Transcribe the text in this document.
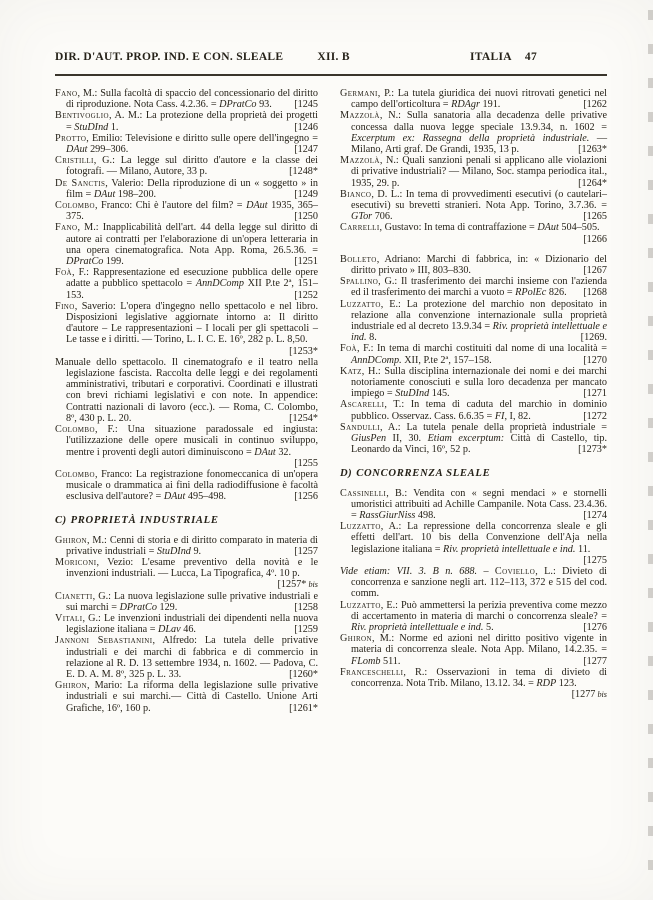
DIR. D'AUT. PROP. IND. E CON. SLEALE	XII. B	ITALIA 47

Fano, M.: Sulla facoltà di spaccio del concessionario del diritto di riproduzione. Nota Cass. 4.2.36. = DPratCo 93.	[1245

Bentivoglio, A. M.: La protezione della proprietà dei progetti = StuDInd 1.	[1246

Protto, Emilio: Televisione e diritto sulle opere dell'ingegno = DAut 299–306.	[1247

Cristilli, G.: La legge sul diritto d'autore e la classe dei fotografi. — Milano, Autore, 33 p.	[1248*

De Sanctis, Valerio: Della riproduzione di un « soggetto » in film = DAut 198–200.	[1249

Colombo, Franco: Chi è l'autore del film? = DAut 1935, 365–375.	[1250

Fano, M.: Inapplicabilità dell'art. 44 della legge sul diritto di autore ai contratti per l'elaborazione di un'opera letteraria in una opera cinematografica. Nota App. Roma, 26.5.36. = DPratCo 199.	[1251

Foà, F.: Rappresentazione ed esecuzione pubblica delle opere adatte a pubblico spettacolo = AnnDComp XII P.te 2ª, 151–153.	[1252

Fino, Saverio: L'opera d'ingegno nello spettacolo e nel libro. Disposizioni legislative aggiornate intorno a: Il diritto d'autore – Le rappresentazioni – I locali per gli spettacoli – Le tasse e i diritti. — Torino, L. I. C. E. 16º, 282 p. L. 8,50.
[1253*

Manuale dello spettacolo. Il cinematografo e il teatro nella legislazione fascista. Raccolta delle leggi e dei regolamenti amministrativi, tributari e corporativi. Coordinati e illustrati con brevi richiami legislativi e con note. In appendice: Contratti nazionali di lavoro (ecc.). — Roma, C. Colombo, 8º, 430 p. L. 20.	[1254*

Colombo, F.: Una situazione paradossale ed ingiusta: l'utilizzazione delle opere musicali in continuo sviluppo, mentre i proventi degli autori diminuiscono = DAut 32.
[1255

Colombo, Franco: La registrazione fonomeccanica di un'opera musicale o drammatica ai fini della radiodiffusione è facoltà esclusiva dell'autore? = DAut 495–498.	[1256

C) PROPRIETÀ INDUSTRIALE

Ghiron, M.: Cenni di storia e di diritto comparato in materia di privative industriali = StuDInd 9.	[1257

Moriconi, Vezio: L'esame preventivo della novità e le invenzioni industriali. — Lucca, La Tipografica, 4º. 10 p.
[1257* bis

Cianetti, G.: La nuova legislazione sulle privative industriali e sui marchi = DPratCo 129.	[1258

Vitali, G.: Le invenzioni industriali dei dipendenti nella nuova legislazione italiana = DLav 46.	[1259

Jannoni Sebastianini, Alfredo: La tutela delle privative industriali e dei marchi di fabbrica e di commercio in relazione al R. D. 13 settembre 1934, n. 1602. — Padova, C. E. D. A. M. 8º, 325 p. L. 33.	[1260*

Ghiron, Mario: La riforma della legislazione sulle privative industriali e sui marchi.— Città di Castello. Unione Arti Grafiche, 16º, 160 p.	[1261*

Germani, P.: La tutela giuridica dei nuovi ritrovati genetici nel campo dell'orticoltura = RDAgr 191.	[1262

Mazzolà, N.: Sulla sanatoria alla decadenza delle privative concessa dalla nuova legge speciale 13.9.34, n. 1602 = Excerptum ex: Rassegna della proprietà industriale. — Milano, Arti graf. De Grandi, 1935, 13 p.	[1263*

Mazzolà, N.: Quali sanzioni penali si applicano alle violazioni di privative industriali? — Milano, Soc. stampa periodica ital., 1935, 29. p.	[1264*

Bianco, D. L.: In tema di provvedimenti esecutivi (o cautelari–esecutivi) su brevetti stranieri. Nota App. Torino, 3.7.36. = GTor 706.	[1265

Carrelli, Gustavo: In tema di contraffazione = DAut 504–505.
[1266

Bolleto, Adriano: Marchi di fabbrica, in: « Dizionario del diritto privato » III, 803–830.	[1267

Spallino, G.: Il trasferimento dei marchi insieme con l'azienda ed il trasferimento dei marchi a vuoto = RPolEc 826.	[1268

Luzzatto, E.: La protezione del marchio non depositato in relazione alla convenzione internazionale sulla proprietà industriale ed al decreto 13.9.34 = Riv. proprietà intellettuale e ind. 8.	[1269.

Foà, F.: In tema di marchi costituiti dal nome di una località = AnnDComp. XII, P.te 2ª, 157–158.	[1270

Katz, H.: Sulla disciplina internazionale dei nomi e dei marchi notoriamente conosciuti e sulla loro decadenza per mancato impiego = StuDInd 145.	[1271

Ascarelli, T.: In tema di caduta del marchio in dominio pubblico. Osservaz. Cass. 6.6.35 = FI, I, 82.	[1272

Sandulli, A.: La tutela penale della proprietà industriale = GiusPen II, 30. Etiam excerptum: Città di Castello, tip. Leonardo da Vinci, 16º, 52 p.	[1273*

D) CONCORRENZA SLEALE

Cassinelli, B.: Vendita con « segni mendaci » e stornelli umoristici attribuiti ad Achille Campanile. Nota Cass. 23.4.36. = RassGiurNiss 498.	[1274

Luzzatto, A.: La repressione della concorrenza sleale e gli effetti dell'art. 10 bis della Convenzione dell'Aja nella legislazione italiana = Riv. proprietà intellettuale e ind. 11.
[1275

Vide etiam: VII. 3. B n. 688. – Coviello, L.: Divieto di concorrenza e sanzione negli art. 112–113, 372 e 515 del cod. comm.

Luzzatto, E.: Può ammettersi la perizia preventiva come mezzo di accertamento in materia di marchi o concorrenza sleale? = Riv. proprietà intellettuale e ind. 5.	[1276

Ghiron, M.: Norme ed azioni nel diritto positivo vigente in materia di concorrenza sleale. Nota App. Milano, 14.2.35. = FLomb 511.	[1277

Franceschelli, R.: Osservazioni in tema di divieto di concorrenza. Nota Trib. Milano, 13.12. 34. = RDP 123.
[1277 bis
